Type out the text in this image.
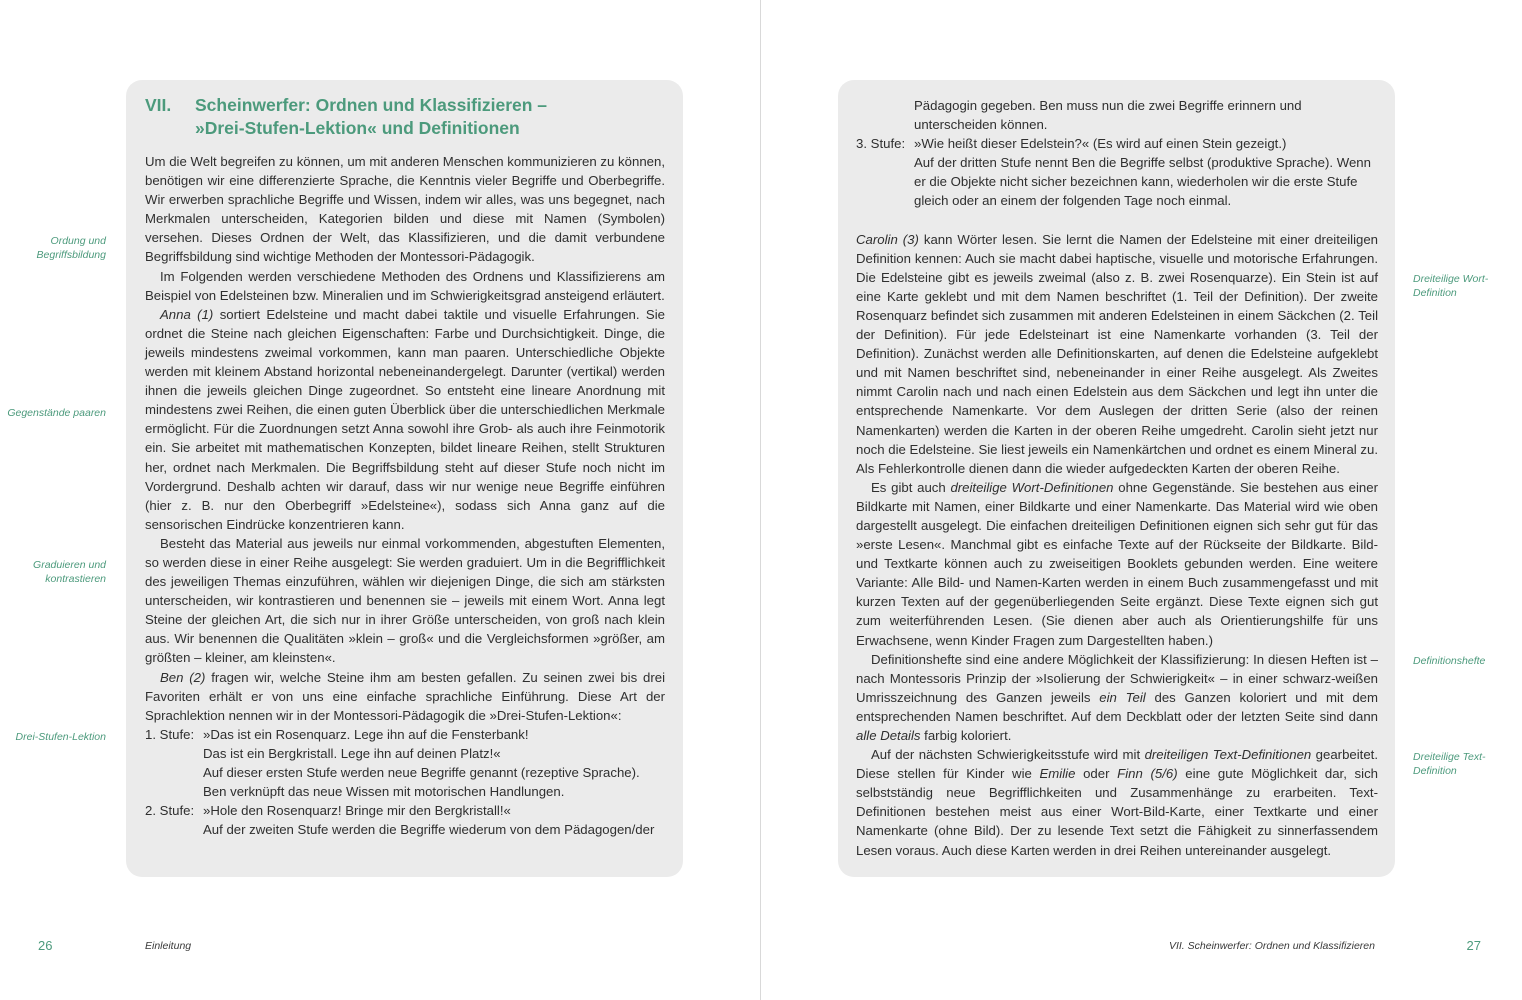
Ordung und Begriffsbildung
Gegenstände paaren
Graduieren und kontrastieren
Drei-Stufen-Lektion
VII.	Scheinwerfer: Ordnen und Klassifizieren –
»Drei-Stufen-Lektion« und Definitionen

Um die Welt begreifen zu können, um mit anderen Menschen kommunizieren zu können, benötigen wir eine differenzierte Sprache, die Kenntnis vieler Begriffe und Oberbegriffe. Wir erwerben sprachliche Begriffe und Wissen, indem wir alles, was uns begegnet, nach Merkmalen unterscheiden, Kategorien bilden und diese mit Namen (Symbolen) versehen. Dieses Ordnen der Welt, das Klassifizieren, und die damit verbundene Begriffsbildung sind wichtige Methoden der Montessori-Pädagogik.

Im Folgenden werden verschiedene Methoden des Ordnens und Klassifizierens am Beispiel von Edelsteinen bzw. Mineralien und im Schwierigkeitsgrad ansteigend erläutert.

Anna (1) sortiert Edelsteine und macht dabei taktile und visuelle Erfahrungen. Sie ordnet die Steine nach gleichen Eigenschaften: Farbe und Durchsichtigkeit. Dinge, die jeweils mindestens zweimal vorkommen, kann man paaren. Unterschiedliche Objekte werden mit kleinem Abstand horizontal nebeneinandergelegt. Darunter (vertikal) werden ihnen die jeweils gleichen Dinge zugeordnet. So entsteht eine lineare Anordnung mit mindestens zwei Reihen, die einen guten Überblick über die unterschiedlichen Merkmale ermöglicht. Für die Zuordnungen setzt Anna sowohl ihre Grob- als auch ihre Feinmotorik ein. Sie arbeitet mit mathematischen Konzepten, bildet lineare Reihen, stellt Strukturen her, ordnet nach Merkmalen. Die Begriffsbildung steht auf dieser Stufe noch nicht im Vordergrund. Deshalb achten wir darauf, dass wir nur wenige neue Begriffe einführen (hier z. B. nur den Oberbegriff »Edelsteine«), sodass sich Anna ganz auf die sensorischen Eindrücke konzentrieren kann.

Besteht das Material aus jeweils nur einmal vorkommenden, abgestuften Elementen, so werden diese in einer Reihe ausgelegt: Sie werden graduiert. Um in die Begrifflichkeit des jeweiligen Themas einzuführen, wählen wir diejenigen Dinge, die sich am stärksten unterscheiden, wir kontrastieren und benennen sie – jeweils mit einem Wort. Anna legt Steine der gleichen Art, die sich nur in ihrer Größe unterscheiden, von groß nach klein aus. Wir benennen die Qualitäten »klein – groß« und die Vergleichsformen »größer, am größten – kleiner, am kleinsten«.

Ben (2) fragen wir, welche Steine ihm am besten gefallen. Zu seinen zwei bis drei Favoriten erhält er von uns eine einfache sprachliche Einführung. Diese Art der Sprachlektion nennen wir in der Montessori-Pädagogik die »Drei-Stufen-Lektion«:

1. Stufe: »Das ist ein Rosenquarz. Lege ihn auf die Fensterbank!
Das ist ein Bergkristall. Lege ihn auf deinen Platz!«
Auf dieser ersten Stufe werden neue Begriffe genannt (rezeptive Sprache). Ben verknüpft das neue Wissen mit motorischen Handlungen.
2. Stufe: »Hole den Rosenquarz! Bringe mir den Bergkristall!«
Auf der zweiten Stufe werden die Begriffe wiederum von dem Pädagogen/der
26	Einleitung
Pädagogin gegeben. Ben muss nun die zwei Begriffe erinnern und unterscheiden können.
3. Stufe: »Wie heißt dieser Edelstein?« (Es wird auf einen Stein gezeigt.)
Auf der dritten Stufe nennt Ben die Begriffe selbst (produktive Sprache). Wenn er die Objekte nicht sicher bezeichnen kann, wiederholen wir die erste Stufe gleich oder an einem der folgenden Tage noch einmal.

Carolin (3) kann Wörter lesen. Sie lernt die Namen der Edelsteine mit einer dreiteiligen Definition kennen: Auch sie macht dabei haptische, visuelle und motorische Erfahrungen. Die Edelsteine gibt es jeweils zweimal (also z. B. zwei Rosenquarze). Ein Stein ist auf eine Karte geklebt und mit dem Namen beschriftet (1. Teil der Definition). Der zweite Rosenquarz befindet sich zusammen mit anderen Edelsteinen in einem Säckchen (2. Teil der Definition). Für jede Edelsteinart ist eine Namenkarte vorhanden (3. Teil der Definition). Zunächst werden alle Definitionskarten, auf denen die Edelsteine aufgeklebt und mit Namen beschriftet sind, nebeneinander in einer Reihe ausgelegt. Als Zweites nimmt Carolin nach und nach einen Edelstein aus dem Säckchen und legt ihn unter die entsprechende Namenkarte. Vor dem Auslegen der dritten Serie (also der reinen Namenkarten) werden die Karten in der oberen Reihe umgedreht. Carolin sieht jetzt nur noch die Edelsteine. Sie liest jeweils ein Namenkärtchen und ordnet es einem Mineral zu. Als Fehlerkontrolle dienen dann die wieder aufgedeckten Karten der oberen Reihe.

Es gibt auch dreiteilige Wort-Definitionen ohne Gegenstände. Sie bestehen aus einer Bildkarte mit Namen, einer Bildkarte und einer Namenkarte. Das Material wird wie oben dargestellt ausgelegt. Die einfachen dreiteiligen Definitionen eignen sich sehr gut für das »erste Lesen«. Manchmal gibt es einfache Texte auf der Rückseite der Bildkarte. Bild- und Textkarte können auch zu zweiseitigen Booklets gebunden werden. Eine weitere Variante: Alle Bild- und Namen-Karten werden in einem Buch zusammengefasst und mit kurzen Texten auf der gegenüberliegenden Seite ergänzt. Diese Texte eignen sich gut zum weiterführenden Lesen. (Sie dienen aber auch als Orientierungshilfe für uns Erwachsene, wenn Kinder Fragen zum Dargestellten haben.)

Definitionshefte sind eine andere Möglichkeit der Klassifizierung: In diesen Heften ist – nach Montessoris Prinzip der »Isolierung der Schwierigkeit« – in einer schwarz-weißen Umrisszeichnung des Ganzen jeweils ein Teil des Ganzen koloriert und mit dem entsprechenden Namen beschriftet. Auf dem Deckblatt oder der letzten Seite sind dann alle Details farbig koloriert.

Auf der nächsten Schwierigkeitsstufe wird mit dreiteiligen Text-Definitionen gearbeitet. Diese stellen für Kinder wie Emilie oder Finn (5/6) eine gute Möglichkeit dar, sich selbstständig neue Begrifflichkeiten und Zusammenhänge zu erarbeiten. Text-Definitionen bestehen meist aus einer Wort-Bild-Karte, einer Textkarte und einer Namenkarte (ohne Bild). Der zu lesende Text setzt die Fähigkeit zu sinnerfassendem Lesen voraus. Auch diese Karten werden in drei Reihen untereinander ausgelegt.

Dreiteilige Wort-Definition
Definitionshefte
Dreiteilige Text-Definition
VII. Scheinwerfer: Ordnen und Klassifizieren	27
